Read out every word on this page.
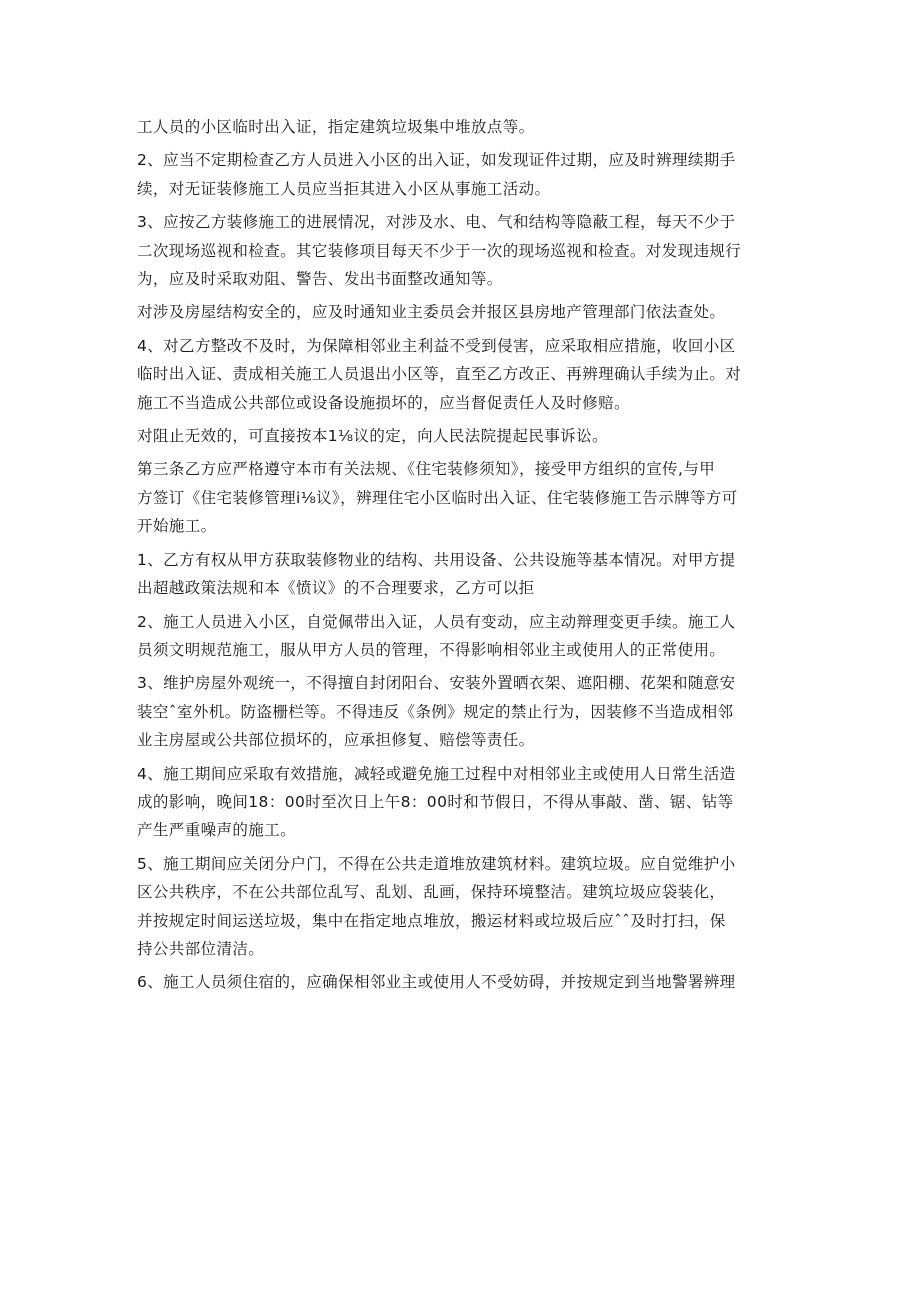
工人员的小区临时出入证，指定建筑垃圾集中堆放点等。

2、应当不定期检查乙方人员进入小区的出入证，如发现证件过期，应及时辨理续期手
续，对无证装修施工人员应当拒其进入小区从事施工活动。

3、应按乙方装修施工的进展情况，对涉及水、电、气和结构等隐蔽工程，每天不少于
二次现场巡视和检查。其它装修项目每天不少于一次的现场巡视和检查。对发现违规行
为，应及时采取劝阻、警告、发出书面整改通知等。

对涉及房屋结构安全的，应及时通知业主委员会并报区县房地产管理部门依法查处。

4、对乙方整改不及时，为保障相邻业主利益不受到侵害，应采取相应措施，收回小区
临时出入证、责成相关施工人员退出小区等，直至乙方改正、再辨理确认手续为止。对
施工不当造成公共部位或设备设施损坏的，应当督促责任人及时修赔。

对阻止无效的，可直接按本1⅛议的定，向人民法院提起民事诉讼。

第三条乙方应严格遵守本市有关法规、《住宅装修须知》，接受甲方组织的宣传,与甲
方签订《住宅装修管理i⅛议》，辨理住宅小区临时出入证、住宅装修施工告示牌等方可
开始施工。

1、乙方有权从甲方获取装修物业的结构、共用设备、公共设施等基本情况。对甲方提
出超越政策法规和本《愤议》的不合理要求，乙方可以拒

2、施工人员进入小区，自觉佩带出入证，人员有变动，应主动辩理变更手续。施工人
员须文明规范施工，服从甲方人员的管理，不得影响相邻业主或使用人的正常使用。

3、维护房屋外观统一，不得擅自封闭阳台、安装外置晒衣架、遮阳棚、花架和随意安
装空ˆ室外机。防盗栅栏等。不得违反《条例》规定的禁止行为，因装修不当造成相邻
业主房屋或公共部位损坏的，应承担修复、赔偿等责任。

4、施工期间应采取有效措施，减轻或避免施工过程中对相邻业主或使用人日常生活造
成的影响，晚间18：00时至次日上午8：00时和节假日，不得从事敲、凿、锯、钻等
产生严重噪声的施工。

5、施工期间应关闭分户门，不得在公共走道堆放建筑材料。建筑垃圾。应自觉维护小
区公共秩序，不在公共部位乱写、乱划、乱画，保持环境整洁。建筑垃圾应袋装化，
并按规定时间运送垃圾，集中在指定地点堆放，搬运材料或垃圾后应ˆˆ及时打扫，保
持公共部位清洁。

6、施工人员须住宿的，应确保相邻业主或使用人不受妨碍，并按规定到当地警署辨理
